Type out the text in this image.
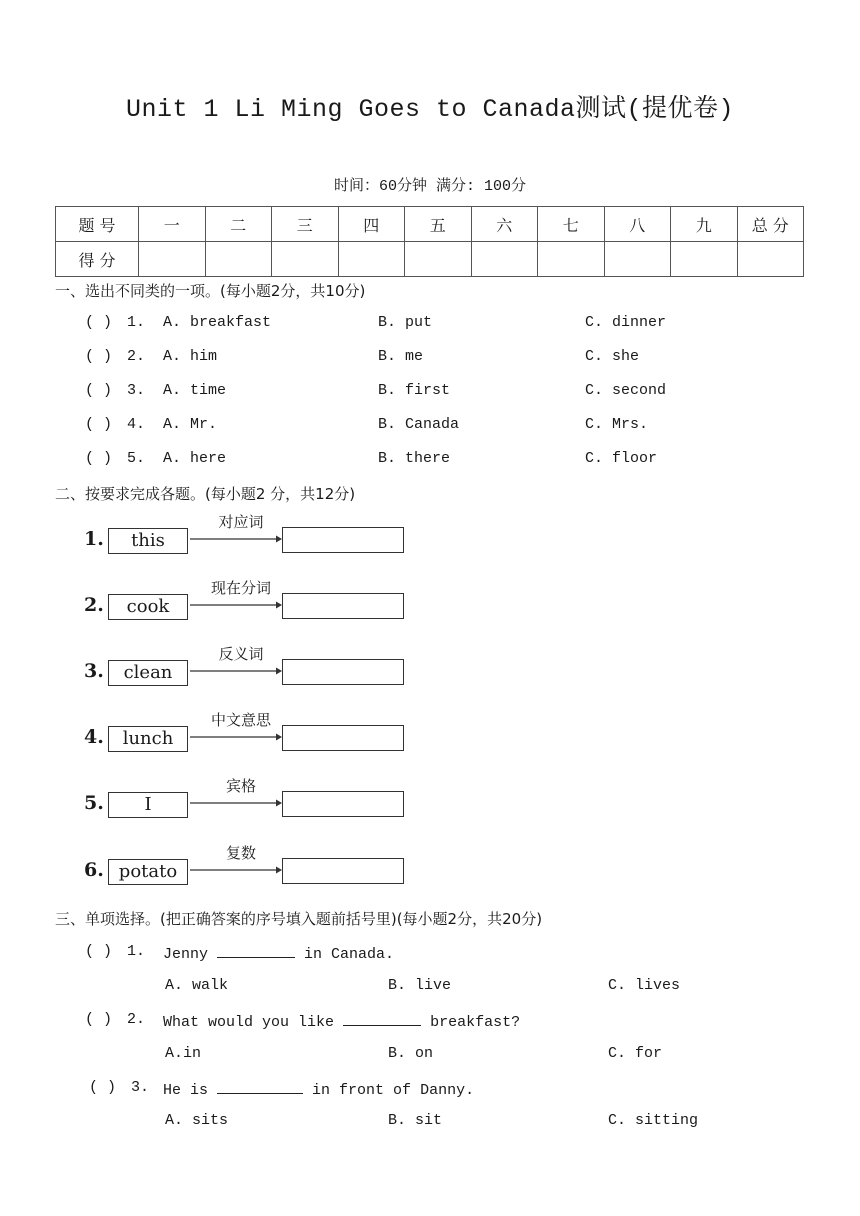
Unit 1 Li Ming Goes to Canada测试(提优卷)
时间：60分钟 满分: 100分
题 号	一	二	三	四	五	六	七	八	九	总 分
得 分										
一、选出不同类的一项。(每小题2分，共10分)
( ) 1. A. breakfast	B. put	C. dinner
( ) 2. A. him	B. me	C. she
( ) 3. A. time	B. first	C. second
( ) 4. A. Mr.	B. Canada	C. Mrs.
( ) 5. A. here	B. there	C. floor
二、按要求完成各题。(每小题2 分，共12分)
1.	this
对应词
2.	cook
现在分词
3.	clean
反义词
4.	lunch
中文意思
5.	I
宾格
6. potato
复数
三、单项选择。(把正确答案的序号填入题前括号里)(每小题2分，共20分)
( ) 1. Jenny	in Canada.
A. walk	B. live	C. lives
( ) 2. What would you like	breakfast?
A.in	B. on	C. for
( ) 3. He is	in front of Danny.
A. sits	B. sit	C. sitting
